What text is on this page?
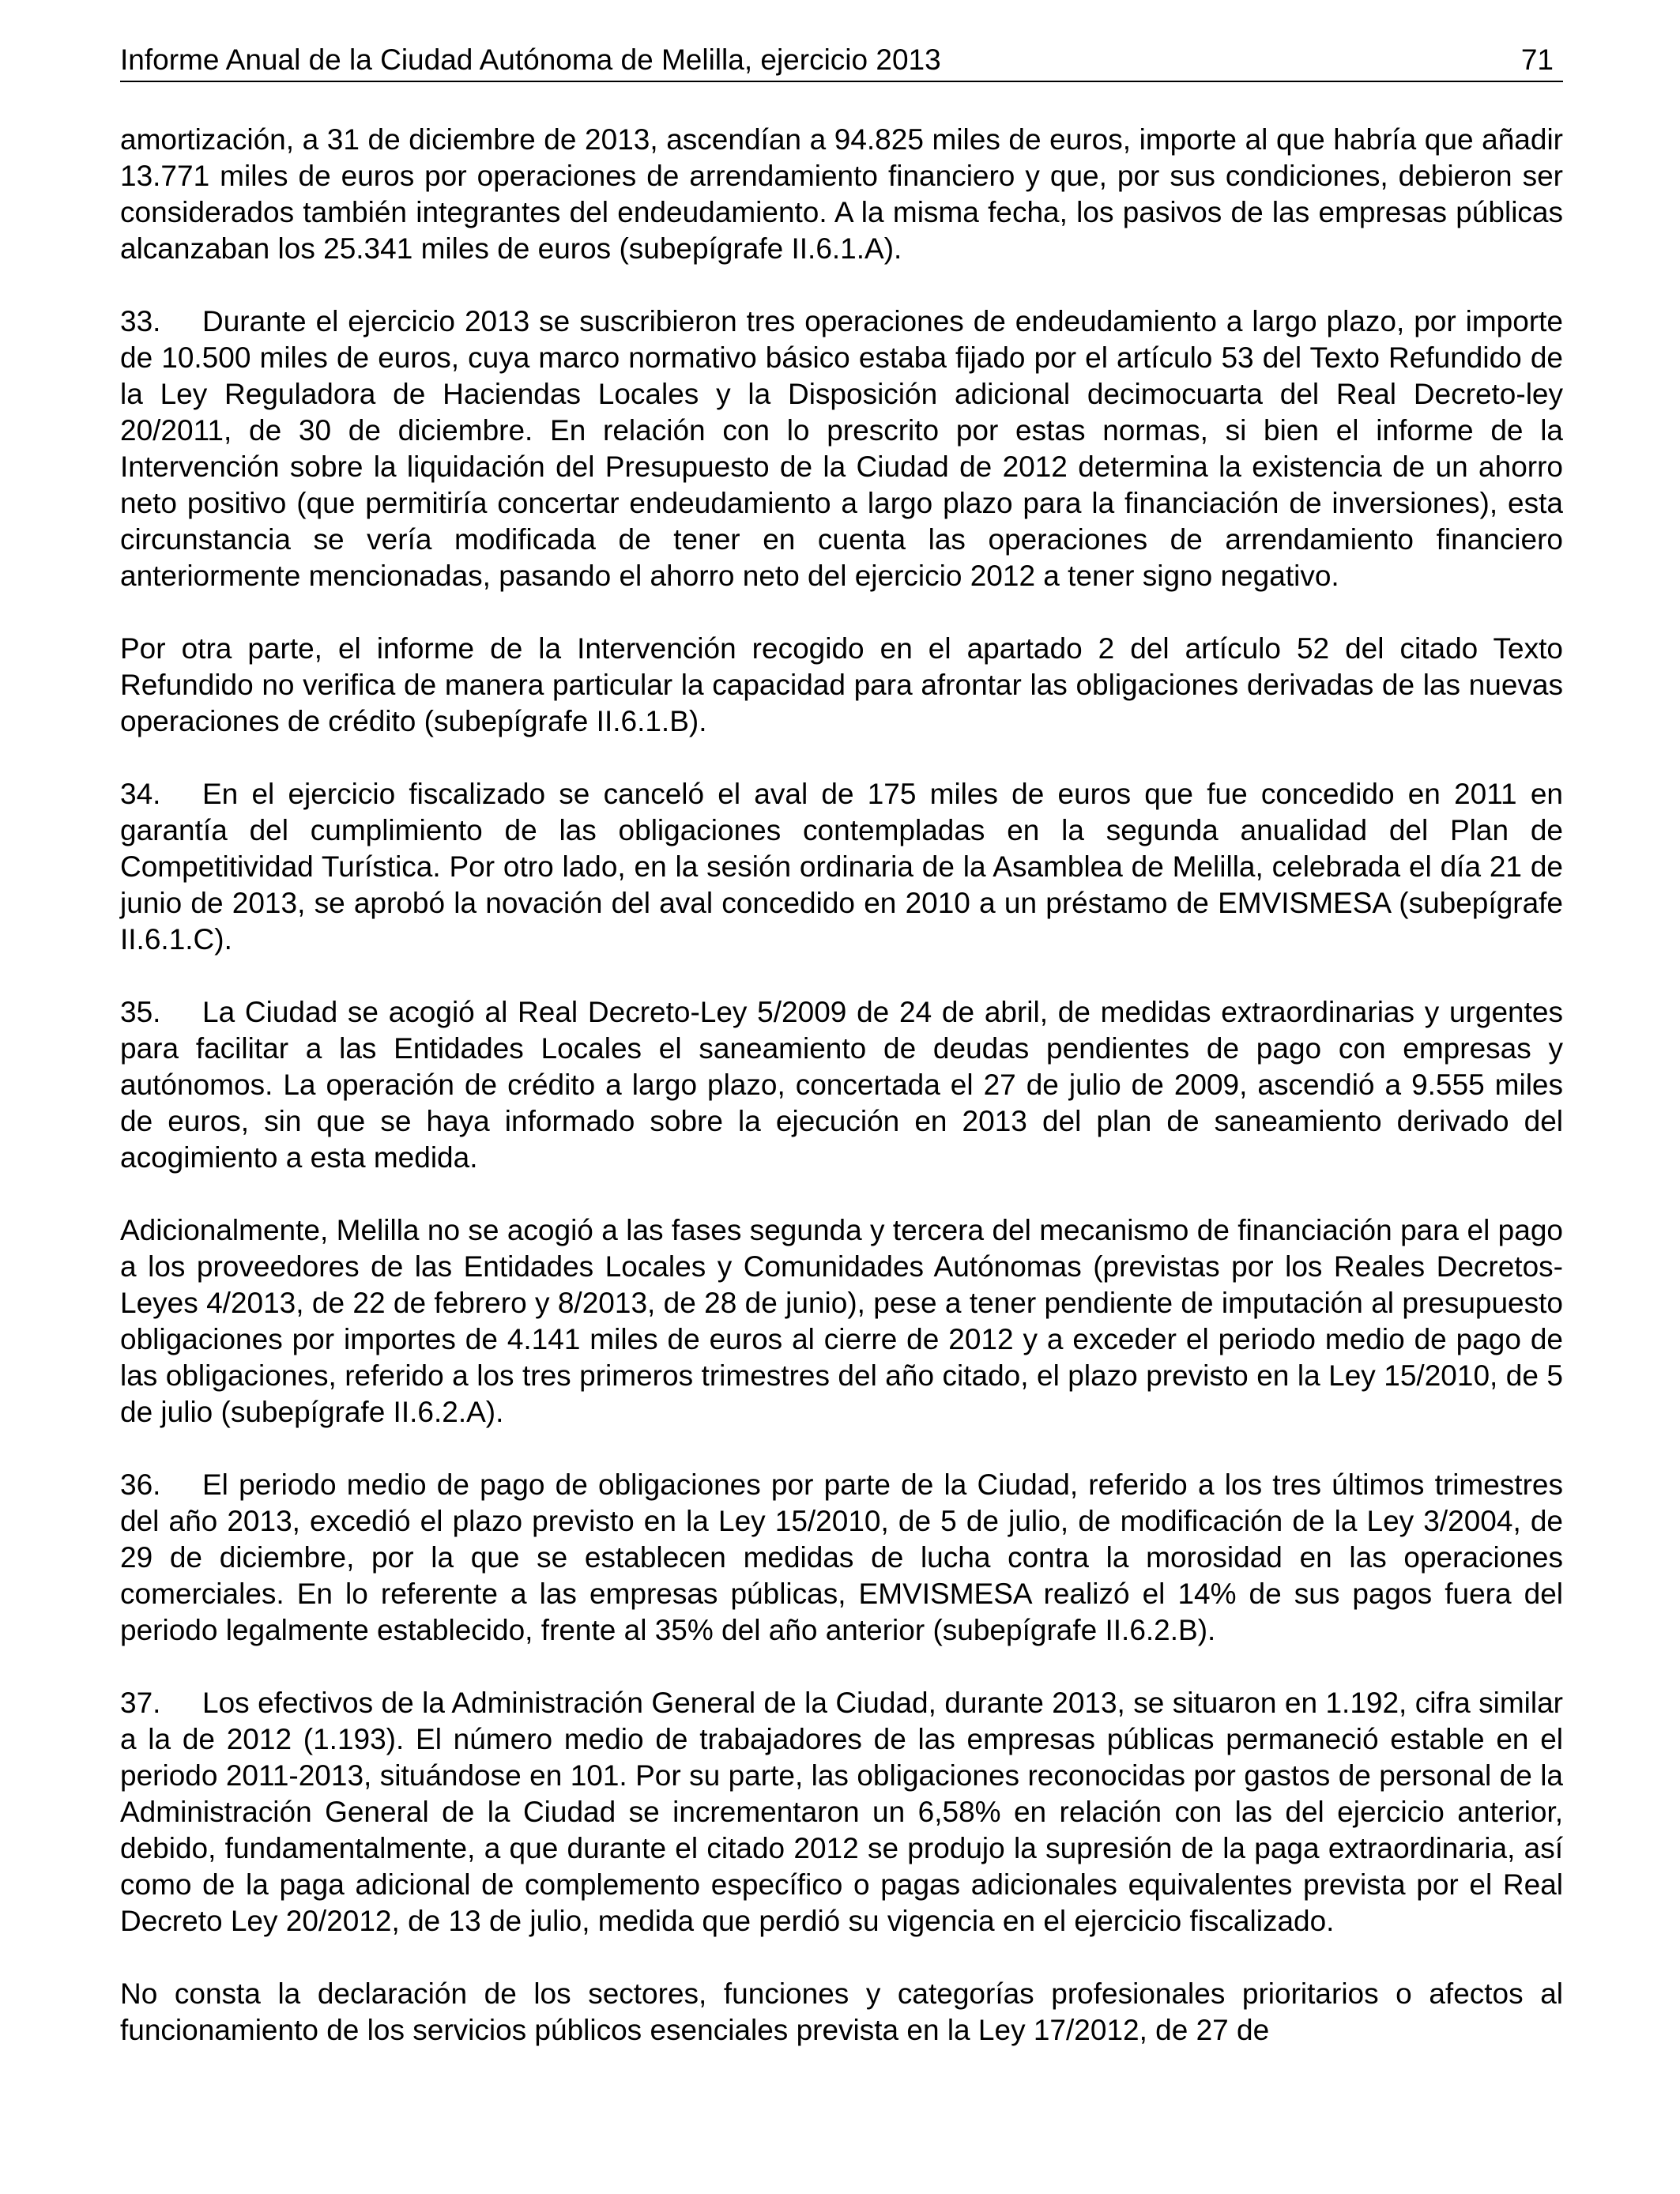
Informe Anual de la Ciudad Autónoma de Melilla, ejercicio 2013	71

amortización, a 31 de diciembre de 2013, ascendían a 94.825 miles de euros, importe al que habría que añadir 13.771 miles de euros por operaciones de arrendamiento financiero y que, por sus condiciones, debieron ser considerados también integrantes del endeudamiento. A la misma fecha, los pasivos de las empresas públicas alcanzaban los 25.341 miles de euros (subepígrafe II.6.1.A).

33. Durante el ejercicio 2013 se suscribieron tres operaciones de endeudamiento a largo plazo, por importe de 10.500 miles de euros, cuya marco normativo básico estaba fijado por el artículo 53 del Texto Refundido de la Ley Reguladora de Haciendas Locales y la Disposición adicional decimocuarta del Real Decreto-ley 20/2011, de 30 de diciembre. En relación con lo prescrito por estas normas, si bien el informe de la Intervención sobre la liquidación del Presupuesto de la Ciudad de 2012 determina la existencia de un ahorro neto positivo (que permitiría concertar endeudamiento a largo plazo para la financiación de inversiones), esta circunstancia se vería modificada de tener en cuenta las operaciones de arrendamiento financiero anteriormente mencionadas, pasando el ahorro neto del ejercicio 2012 a tener signo negativo.

Por otra parte, el informe de la Intervención recogido en el apartado 2 del artículo 52 del citado Texto Refundido no verifica de manera particular la capacidad para afrontar las obligaciones derivadas de las nuevas operaciones de crédito (subepígrafe II.6.1.B).

34. En el ejercicio fiscalizado se canceló el aval de 175 miles de euros que fue concedido en 2011 en garantía del cumplimiento de las obligaciones contempladas en la segunda anualidad del Plan de Competitividad Turística. Por otro lado, en la sesión ordinaria de la Asamblea de Melilla, celebrada el día 21 de junio de 2013, se aprobó la novación del aval concedido en 2010 a un préstamo de EMVISMESA (subepígrafe II.6.1.C).

35. La Ciudad se acogió al Real Decreto-Ley 5/2009 de 24 de abril, de medidas extraordinarias y urgentes para facilitar a las Entidades Locales el saneamiento de deudas pendientes de pago con empresas y autónomos. La operación de crédito a largo plazo, concertada el 27 de julio de 2009, ascendió a 9.555 miles de euros, sin que se haya informado sobre la ejecución en 2013 del plan de saneamiento derivado del acogimiento a esta medida.

Adicionalmente, Melilla no se acogió a las fases segunda y tercera del mecanismo de financiación para el pago a los proveedores de las Entidades Locales y Comunidades Autónomas (previstas por los Reales Decretos-Leyes 4/2013, de 22 de febrero y 8/2013, de 28 de junio), pese a tener pendiente de imputación al presupuesto obligaciones por importes de 4.141 miles de euros al cierre de 2012 y a exceder el periodo medio de pago de las obligaciones, referido a los tres primeros trimestres del año citado, el plazo previsto en la Ley 15/2010, de 5 de julio (subepígrafe II.6.2.A).

36. El periodo medio de pago de obligaciones por parte de la Ciudad, referido a los tres últimos trimestres del año 2013, excedió el plazo previsto en la Ley 15/2010, de 5 de julio, de modificación de la Ley 3/2004, de 29 de diciembre, por la que se establecen medidas de lucha contra la morosidad en las operaciones comerciales. En lo referente a las empresas públicas, EMVISMESA realizó el 14% de sus pagos fuera del periodo legalmente establecido, frente al 35% del año anterior (subepígrafe II.6.2.B).

37. Los efectivos de la Administración General de la Ciudad, durante 2013, se situaron en 1.192, cifra similar a la de 2012 (1.193). El número medio de trabajadores de las empresas públicas permaneció estable en el periodo 2011-2013, situándose en 101. Por su parte, las obligaciones reconocidas por gastos de personal de la Administración General de la Ciudad se incrementaron un 6,58% en relación con las del ejercicio anterior, debido, fundamentalmente, a que durante el citado 2012 se produjo la supresión de la paga extraordinaria, así como de la paga adicional de complemento específico o pagas adicionales equivalentes prevista por el Real Decreto Ley 20/2012, de 13 de julio, medida que perdió su vigencia en el ejercicio fiscalizado.

No consta la declaración de los sectores, funciones y categorías profesionales prioritarios o afectos al funcionamiento de los servicios públicos esenciales prevista en la Ley 17/2012, de 27 de
